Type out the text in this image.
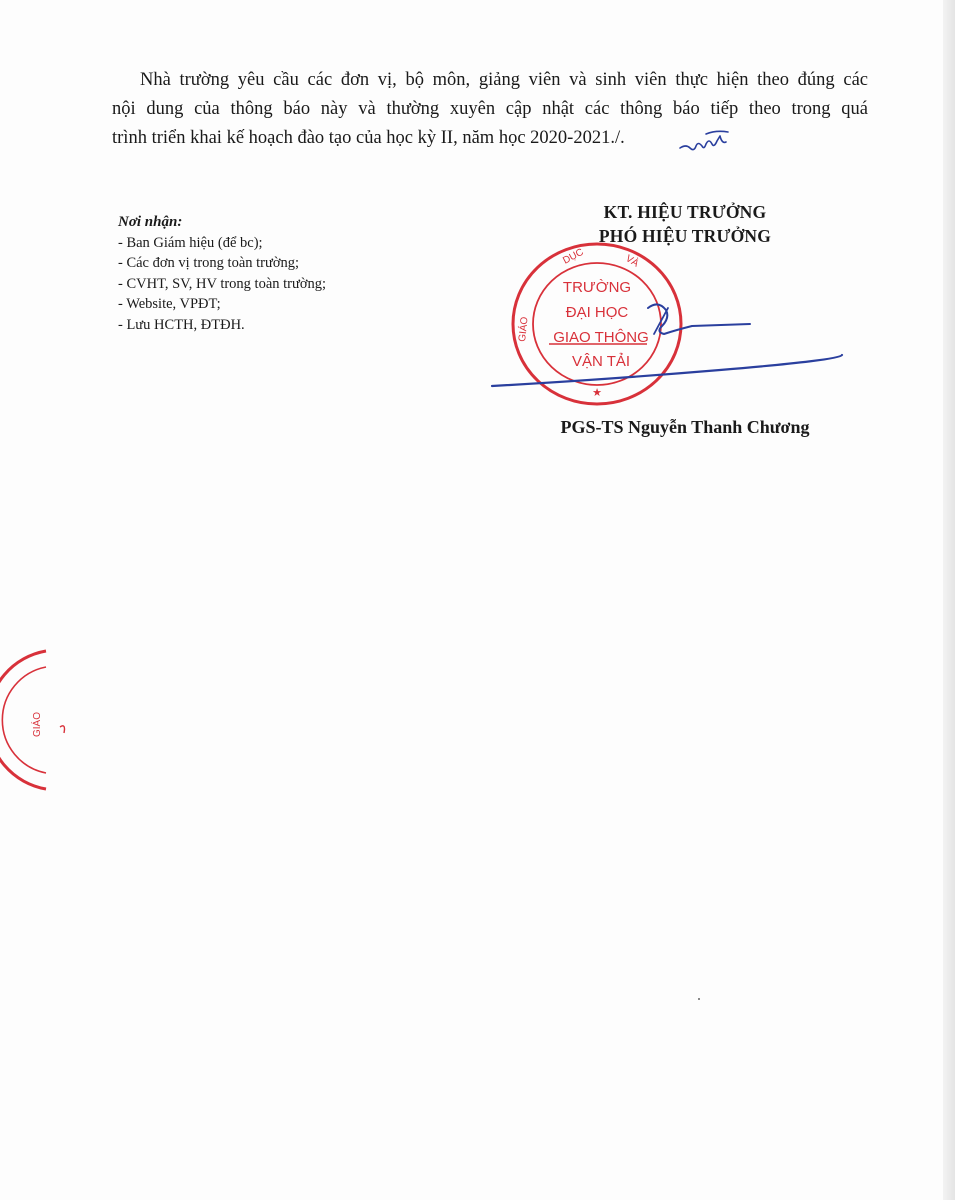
Nhà trường yêu cầu các đơn vị, bộ môn, giảng viên và sinh viên thực hiện theo đúng các
nội dung của thông báo này và thường xuyên cập nhật các thông báo tiếp theo trong quá
trình triển khai kế hoạch đào tạo của học kỳ II, năm học 2020-2021./.
Nơi nhận:
- Ban Giám hiệu (để bc);
- Các đơn vị trong toàn trường;
- CVHT, SV, HV trong toàn trường;
- Website, VPĐT;
- Lưu HCTH, ĐTĐH.
KT. HIỆU TRƯỞNG
PHÓ HIỆU TRƯỞNG
DỤC	VÀ
GIÁO
TRƯỜNG
ĐẠI HỌC
GIAO THÔNG
VẬN TẢI
★
PGS-TS Nguyễn Thanh Chương
GIÁO
